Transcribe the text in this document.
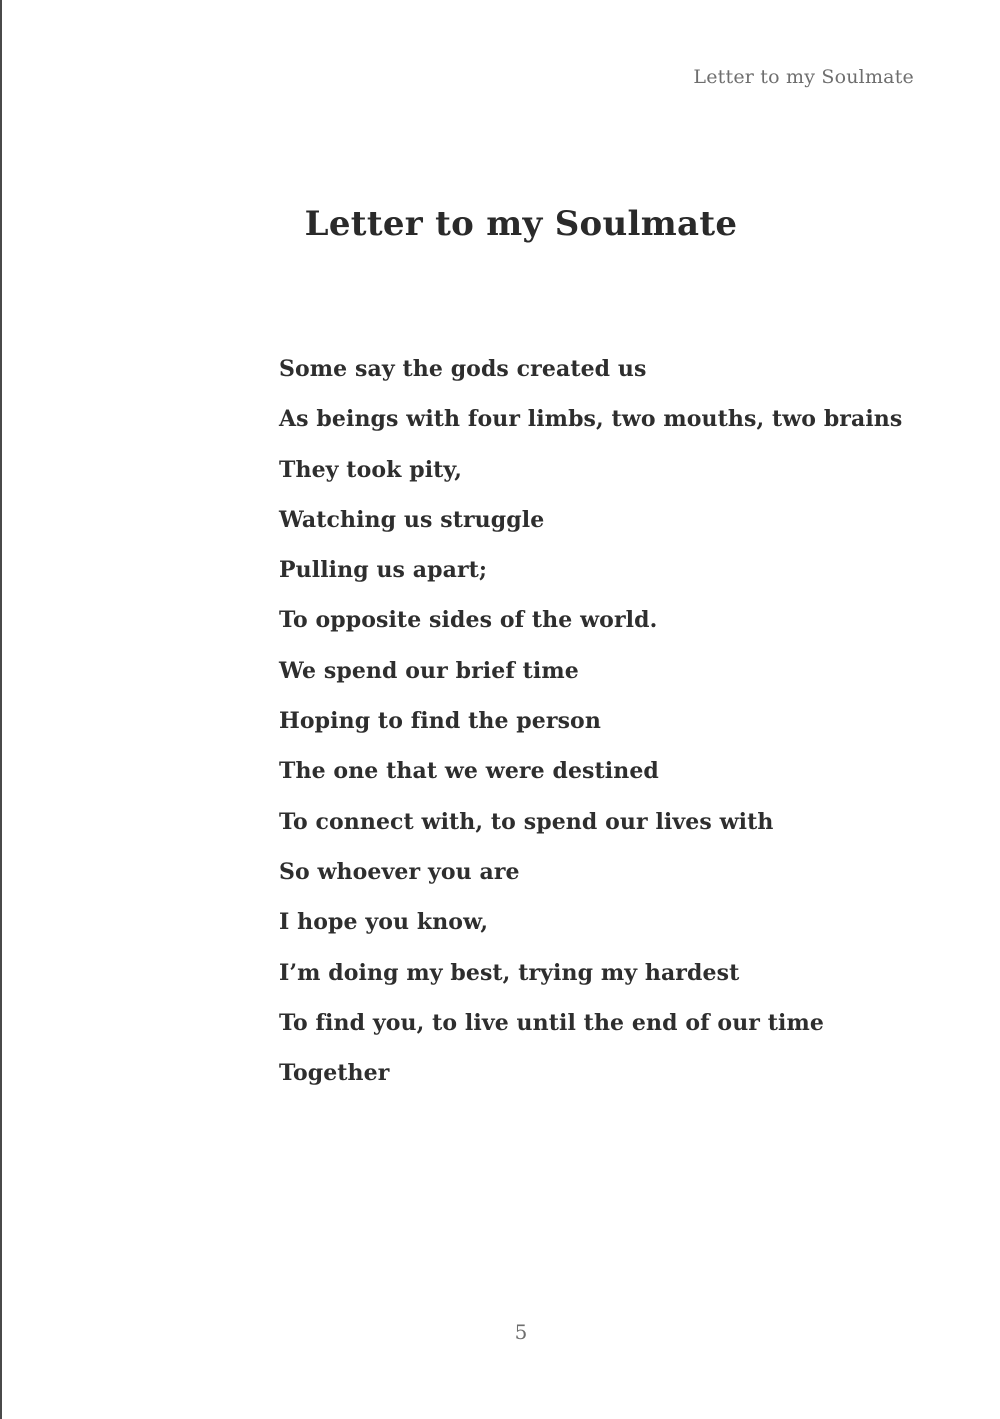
Letter to my Soulmate
Letter to my Soulmate
Some say the gods created us
As beings with four limbs, two mouths, two brains
They took pity,
Watching us struggle
Pulling us apart;
To opposite sides of the world.
We spend our brief time
Hoping to find the person
The one that we were destined
To connect with, to spend our lives with
So whoever you are
I hope you know,
I’m doing my best, trying my hardest
To find you, to live until the end of our time
Together
5
